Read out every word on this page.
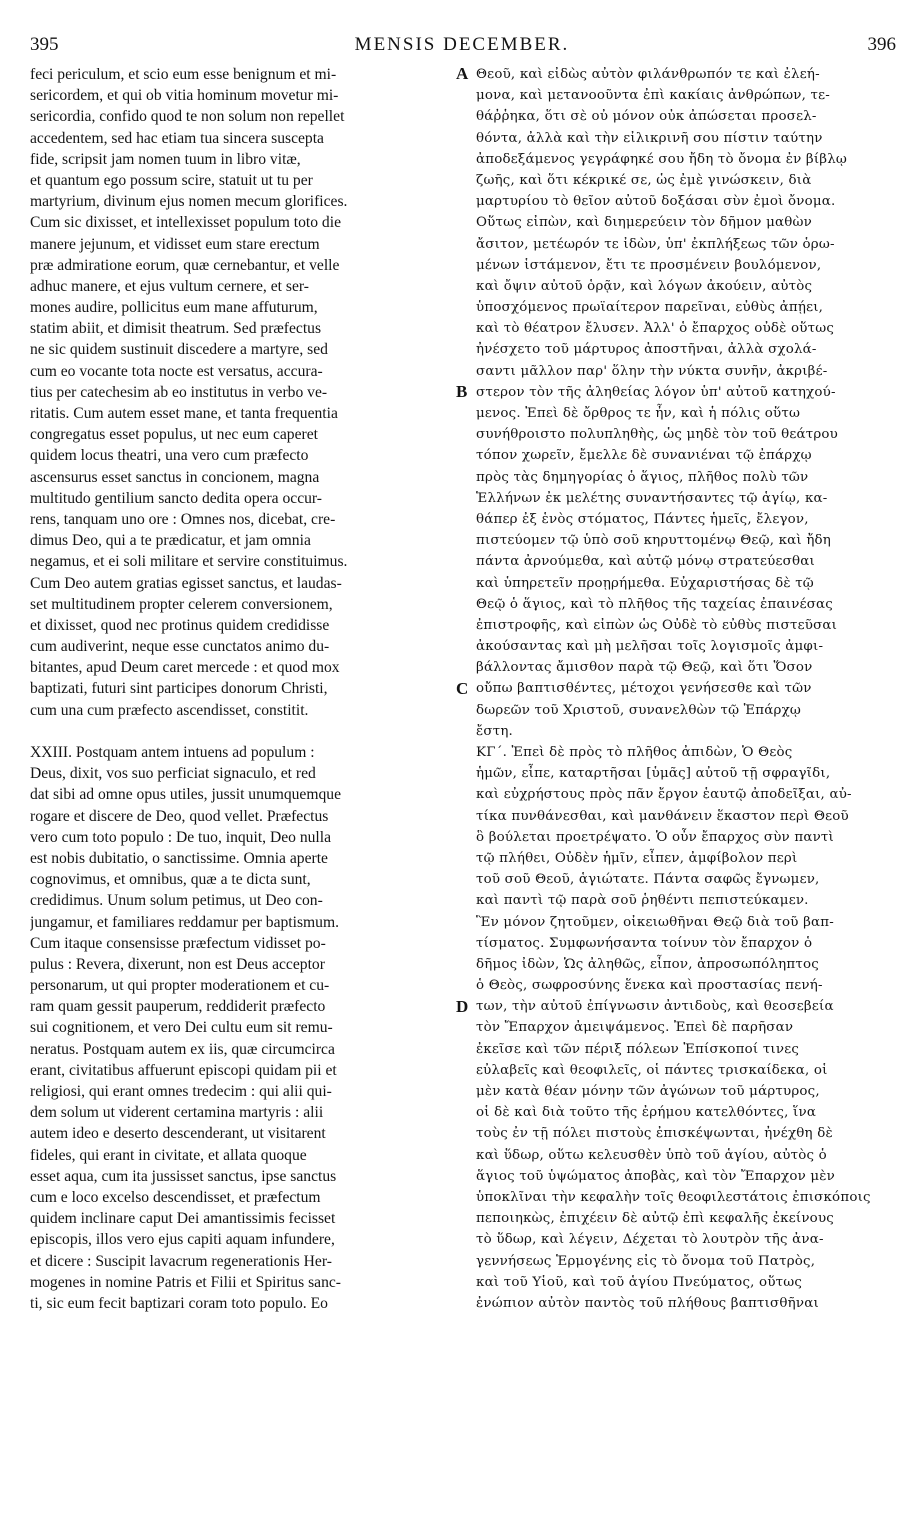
395	MENSIS DECEMBER.	396
feci periculum, et scio eum esse benignum et mi-
sericordem, et qui ob vitia hominum movetur mi-
sericordia, confido quod te non solum non repellet
accedentem, sed hac etiam tua sincera suscepta
fide, scripsit jam nomen tuum in libro vitæ,
et quantum ego possum scire, statuit ut tu per
martyrium, divinum ejus nomen mecum glorifices.
Cum sic dixisset, et intellexisset populum toto die
manere jejunum, et vidisset eum stare erectum
præ admiratione eorum, quæ cernebantur, et velle
adhuc manere, et ejus vultum cernere, et ser-
mones audire, pollicitus eum mane affuturum,
statim abiit, et dimisit theatrum. Sed præfectus
ne sic quidem sustinuit discedere a martyre, sed
cum eo vocante tota nocte est versatus, accura-
tius per catechesim ab eo institutus in verbo ve-
ritatis. Cum autem esset mane, et tanta frequentia
congregatus esset populus, ut nec eum caperet
quidem locus theatri, una vero cum præfecto
ascensurus esset sanctus in concionem, magna
multitudo gentilium sancto dedita opera occur-
rens, tanquam uno ore : Omnes nos, dicebat, cre-
dimus Deo, qui a te prædicatur, et jam omnia
negamus, et ei soli militare et servire constituimus.
Cum Deo autem gratias egisset sanctus, et laudas-
set multitudinem propter celerem conversionem,
et dixisset, quod nec protinus quidem credidisse
cum audiverint, neque esse cunctatos animo du-
bitantes, apud Deum caret mercede : et quod mox
baptizati, futuri sint participes donorum Christi,
cum una cum præfecto ascendisset, constitit.
XXIII. Postquam antem intuens ad populum :
Deus, dixit, vos suo perficiat signaculo, et red
dat sibi ad omne opus utiles, jussit unumquemque
rogare et discere de Deo, quod vellet. Præfectus
vero cum toto populo : De tuo, inquit, Deo nulla
est nobis dubitatio, o sanctissime. Omnia aperte
cognovimus, et omnibus, quæ a te dicta sunt,
credidimus. Unum solum petimus, ut Deo con-
jungamur, et familiares reddamur per baptismum.
Cum itaque consensisse præfectum vidisset po-
pulus : Revera, dixerunt, non est Deus acceptor
personarum, ut qui propter moderationem et cu-
ram quam gessit pauperum, reddiderit præfecto
sui cognitionem, et vero Dei cultu eum sit remu-
neratus. Postquam autem ex iis, quæ circumcirca
erant, civitatibus affuerunt episcopi quidam pii et
religiosi, qui erant omnes tredecim : qui alii qui-
dem solum ut viderent certamina martyris : alii
autem ideo e deserto descenderant, ut visitarent
fideles, qui erant in civitate, et allata quoque
esset aqua, cum ita jussisset sanctus, ipse sanctus
cum e loco excelso descendisset, et præfectum
quidem inclinare caput Dei amantissimis fecisset
episcopis, illos vero ejus capiti aquam infundere,
et dicere : Suscipit lavacrum regenerationis Her-
mogenes in nomine Patris et Filii et Spiritus sanc-
ti, sic eum fecit baptizari coram toto populo. Eo
A
B
C
D
Θεοῦ, καὶ εἰδὼς αὐτὸν φιλάνθρωπόν τε καὶ ἐλεή-
μονα, καὶ μετανοοῦντα ἐπὶ κακίαις ἀνθρώπων, τε-
θάῤῥηκα, ὅτι σὲ οὐ μόνον οὐκ ἀπώσεται προσελ-
θόντα, ἀλλὰ καὶ τὴν εἰλικρινῆ σου πίστιν ταύτην
ἀποδεξάμενος γεγράφηκέ σου ἤδη τὸ ὄνομα ἐν βίβλῳ
ζωῆς, καὶ ὅτι κέκρικέ σε, ὡς ἐμὲ γινώσκειν, διὰ
μαρτυρίου τὸ θεῖον αὐτοῦ δοξάσαι σὺν ἐμοὶ ὄνομα.
Οὕτως εἰπὼν, καὶ διημερεύειν τὸν δῆμον μαθὼν
ἄσιτον, μετέωρόν τε ἰδὼν, ὑπ' ἐκπλήξεως τῶν ὁρω-
μένων ἱστάμενον, ἔτι τε προσμένειν βουλόμενον,
καὶ ὄψιν αὐτοῦ ὁρᾷν, καὶ λόγων ἀκούειν, αὐτὸς
ὑποσχόμενος πρωϊαίτερον παρεῖναι, εὐθὺς ἀπῄει,
καὶ τὸ θέατρον ἔλυσεν. Ἀλλ' ὁ ἔπαρχος οὐδὲ οὕτως
ἠνέσχετο τοῦ μάρτυρος ἀποστῆναι, ἀλλὰ σχολά-
σαντι μᾶλλον παρ' ὅλην τὴν νύκτα συνῆν, ἀκριβέ-
στερον τὸν τῆς ἀληθείας λόγον ὑπ' αὐτοῦ κατηχού-
μενος. Ἐπεὶ δὲ ὄρθρος τε ἦν, καὶ ἡ πόλις οὕτω
συνήθροιστο πολυπληθὴς, ὡς μηδὲ τὸν τοῦ θεάτρου
τόπον χωρεῖν, ἔμελλε δὲ συνανιέναι τῷ ἐπάρχῳ
πρὸς τὰς δημηγορίας ὁ ἅγιος, πλῆθος πολὺ τῶν
Ἑλλήνων ἐκ μελέτης συναντήσαντες τῷ ἁγίῳ, κα-
θάπερ ἐξ ἑνὸς στόματος, Πάντες ἡμεῖς, ἔλεγον,
πιστεύομεν τῷ ὑπὸ σοῦ κηρυττομένῳ Θεῷ, καὶ ἤδη
πάντα ἀρνούμεθα, καὶ αὐτῷ μόνῳ στρατεύεσθαι
καὶ ὑπηρετεῖν προῃρήμεθα. Εὐχαριστήσας δὲ τῷ
Θεῷ ὁ ἅγιος, καὶ τὸ πλῆθος τῆς ταχείας ἐπαινέσας
ἐπιστροφῆς, καὶ εἰπὼν ὡς Οὐδὲ τὸ εὐθὺς πιστεῦσαι
ἀκούσαντας καὶ μὴ μελῆσαι τοῖς λογισμοῖς ἀμφι-
βάλλοντας ἄμισθον παρὰ τῷ Θεῷ, καὶ ὅτι Ὅσον
οὔπω βαπτισθέντες, μέτοχοι γενήσεσθε καὶ τῶν
δωρεῶν τοῦ Χριστοῦ, συνανελθὼν τῷ Ἐπάρχῳ
ἔστη.
ΚΓ΄. Ἐπεὶ δὲ πρὸς τὸ πλῆθος ἀπιδὼν, Ὁ Θεὸς
ἡμῶν, εἶπε, καταρτῆσαι [ὑμᾶς] αὐτοῦ τῇ σφραγῖδι,
καὶ εὐχρήστους πρὸς πᾶν ἔργον ἑαυτῷ ἀποδεῖξαι, αὐ-
τίκα πυνθάνεσθαι, καὶ μανθάνειν ἕκαστον περὶ Θεοῦ
ὃ βούλεται προετρέψατο. Ὁ οὖν ἔπαρχος σὺν παντὶ
τῷ πλήθει, Οὐδὲν ἡμῖν, εἶπεν, ἀμφίβολον περὶ
τοῦ σοῦ Θεοῦ, ἁγιώτατε. Πάντα σαφῶς ἔγνωμεν,
καὶ παντὶ τῷ παρὰ σοῦ ῥηθέντι πεπιστεύκαμεν.
Ἓν μόνον ζητοῦμεν, οἰκειωθῆναι Θεῷ διὰ τοῦ βαπ-
τίσματος. Συμφωνήσαντα τοίνυν τὸν ἔπαρχον ὁ
δῆμος ἰδὼν, Ὡς ἀληθῶς, εἶπον, ἀπροσωπόληπτος
ὁ Θεὸς, σωφροσύνης ἕνεκα καὶ προστασίας πενή-
των, τὴν αὐτοῦ ἐπίγνωσιν ἀντιδοὺς, καὶ θεοσεβεία
τὸν Ἔπαρχον ἀμειψάμενος. Ἐπεὶ δὲ παρῆσαν
ἐκεῖσε καὶ τῶν πέριξ πόλεων Ἐπίσκοποί τινες
εὐλαβεῖς καὶ θεοφιλεῖς, οἱ πάντες τρισκαίδεκα, οἱ
μὲν κατὰ θέαν μόνην τῶν ἀγώνων τοῦ μάρτυρος,
οἱ δὲ καὶ διὰ τοῦτο τῆς ἐρήμου κατελθόντες, ἵνα
τοὺς ἐν τῇ πόλει πιστοὺς ἐπισκέψωνται, ἠνέχθη δὲ
καὶ ὕδωρ, οὕτω κελευσθὲν ὑπὸ τοῦ ἁγίου, αὐτὸς ὁ
ἅγιος τοῦ ὑψώματος ἀποβὰς, καὶ τὸν Ἔπαρχον μὲν
ὑποκλῖναι τὴν κεφαλὴν τοῖς θεοφιλεστάτοις ἐπισκόποις
πεποιηκὼς, ἐπιχέειν δὲ αὐτῷ ἐπὶ κεφαλῆς ἐκείνους
τὸ ὕδωρ, καὶ λέγειν, Δέχεται τὸ λουτρὸν τῆς ἀνα-
γεννήσεως Ἑρμογένης εἰς τὸ ὄνομα τοῦ Πατρὸς,
καὶ τοῦ Υἱοῦ, καὶ τοῦ ἁγίου Πνεύματος, οὕτως
ἐνώπιον αὐτὸν παντὸς τοῦ πλήθους βαπτισθῆναι
